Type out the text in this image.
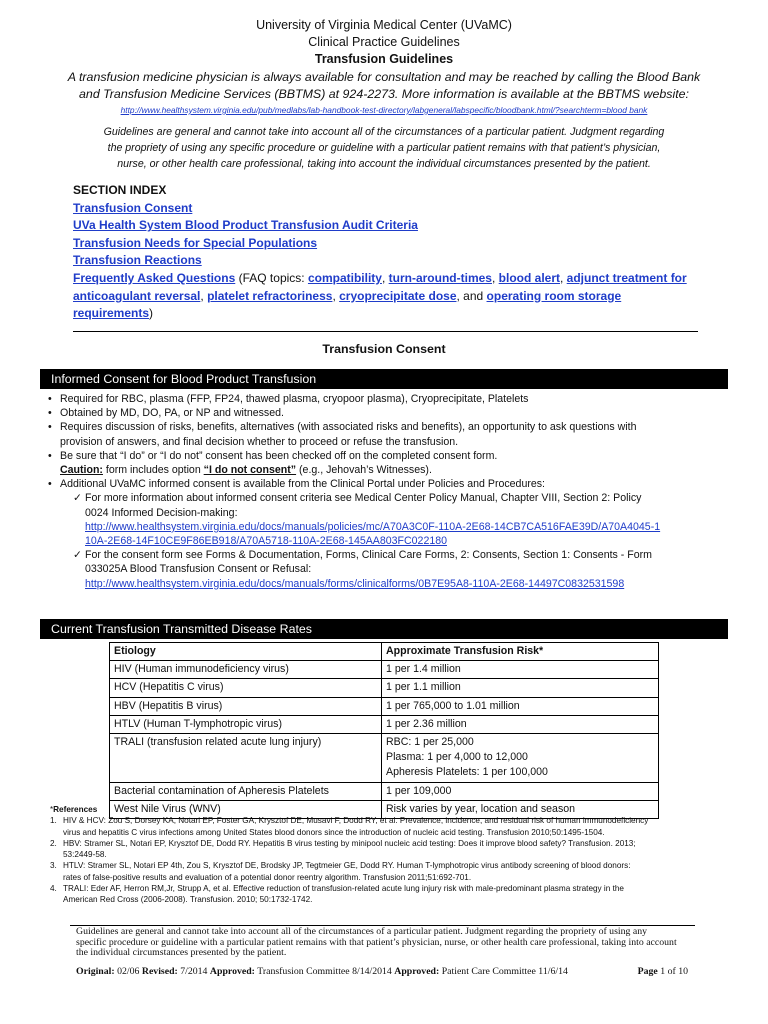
University of Virginia Medical Center (UVaMC)
Clinical Practice Guidelines
Transfusion Guidelines
A transfusion medicine physician is always available for consultation and may be reached by calling the Blood Bank
and Transfusion Medicine Services (BBTMS) at 924-2273. More information is available at the BBTMS website:
http://www.healthsystem.virginia.edu/pub/medlabs/lab-handbook-test-directory/labgeneral/labspecific/bloodbank.html/?searchterm=blood bank
Guidelines are general and cannot take into account all of the circumstances of a particular patient. Judgment regarding
the propriety of using any specific procedure or guideline with a particular patient remains with that patient’s physician,
nurse, or other health care professional, taking into account the individual circumstances presented by the patient.
SECTION INDEX
Transfusion Consent
UVa Health System Blood Product Transfusion Audit Criteria
Transfusion Needs for Special Populations
Transfusion Reactions
Frequently Asked Questions (FAQ topics: compatibility, turn-around-times, blood alert, adjunct treatment for anticoagulant reversal, platelet refractoriness, cryoprecipitate dose, and operating room storage requirements)
Transfusion Consent
Informed Consent for Blood Product Transfusion
• Required for RBC, plasma (FFP, FP24, thawed plasma, cryopoor plasma), Cryoprecipitate, Platelets
• Obtained by MD, DO, PA, or NP and witnessed.
• Requires discussion of risks, benefits, alternatives (with associated risks and benefits), an opportunity to ask questions with
provision of answers, and final decision whether to proceed or refuse the transfusion.
• Be sure that “I do” or “I do not” consent has been checked off on the completed consent form.
Caution: form includes option “I do not consent” (e.g., Jehovah’s Witnesses).
• Additional UVaMC informed consent is available from the Clinical Portal under Policies and Procedures:
✓ For more information about informed consent criteria see Medical Center Policy Manual, Chapter VIII, Section 2: Policy
0024 Informed Decision-making:
http://www.healthsystem.virginia.edu/docs/manuals/policies/mc/A70A3C0F-110A-2E68-14CB7CA516FAE39D/A70A4045-1
10A-2E68-14F10CE9F86EB918/A70A5718-110A-2E68-145AA803FC022180
✓ For the consent form see Forms & Documentation, Forms, Clinical Care Forms, 2: Consents, Section 1: Consents - Form
033025A Blood Transfusion Consent or Refusal:
http://www.healthsystem.virginia.edu/docs/manuals/forms/clinicalforms/0B7E95A8-110A-2E68-14497C0832531598
Current Transfusion Transmitted Disease Rates
Etiology	Approximate Transfusion Risk*
HIV (Human immunodeficiency virus)	1 per 1.4 million
HCV (Hepatitis C virus)	1 per 1.1 million
HBV (Hepatitis B virus)	1 per 765,000 to 1.01 million
HTLV (Human T-lymphotropic virus)	1 per 2.36 million
TRALI (transfusion related acute lung injury)	RBC: 1 per 25,000
Plasma: 1 per 4,000 to 12,000
Apheresis Platelets: 1 per 100,000

Bacterial contamination of Apheresis Platelets	1 per 109,000
West Nile Virus (WNV)	Risk varies by year, location and season
*References
1. HIV & HCV: Zou S, Dorsey KA, Notari EP, Foster GA, Krysztof DE, Musavi F, Dodd RY, et al. Prevalence, incidence, and residual risk of human immunodeficiency
virus and hepatitis C virus infections among United States blood donors since the introduction of nucleic acid testing. Transfusion 2010;50:1495-1504.
2. HBV: Stramer SL, Notari EP, Krysztof DE, Dodd RY. Hepatitis B virus testing by minipool nucleic acid testing: Does it improve blood safety? Transfusion. 2013;
53:2449-58.
3. HTLV: Stramer SL, Notari EP 4th, Zou S, Krysztof DE, Brodsky JP, Tegtmeier GE, Dodd RY. Human T-lymphotropic virus antibody screening of blood donors:
rates of false-positive results and evaluation of a potential donor reentry algorithm. Transfusion 2011;51:692-701.
4. TRALI: Eder AF, Herron RM,Jr, Strupp A, et al. Effective reduction of transfusion-related acute lung injury risk with male-predominant plasma strategy in the
American Red Cross (2006-2008). Transfusion. 2010; 50:1732-1742.
Guidelines are general and cannot take into account all of the circumstances of a particular patient. Judgment regarding the propriety of using any
specific procedure or guideline with a particular patient remains with that patient’s physician, nurse, or other health care professional, taking into account
the individual circumstances presented by the patient.
Original: 02/06 Revised: 7/2014 Approved: Transfusion Committee 8/14/2014 Approved: Patient Care Committee 11/6/14	Page 1 of 10
